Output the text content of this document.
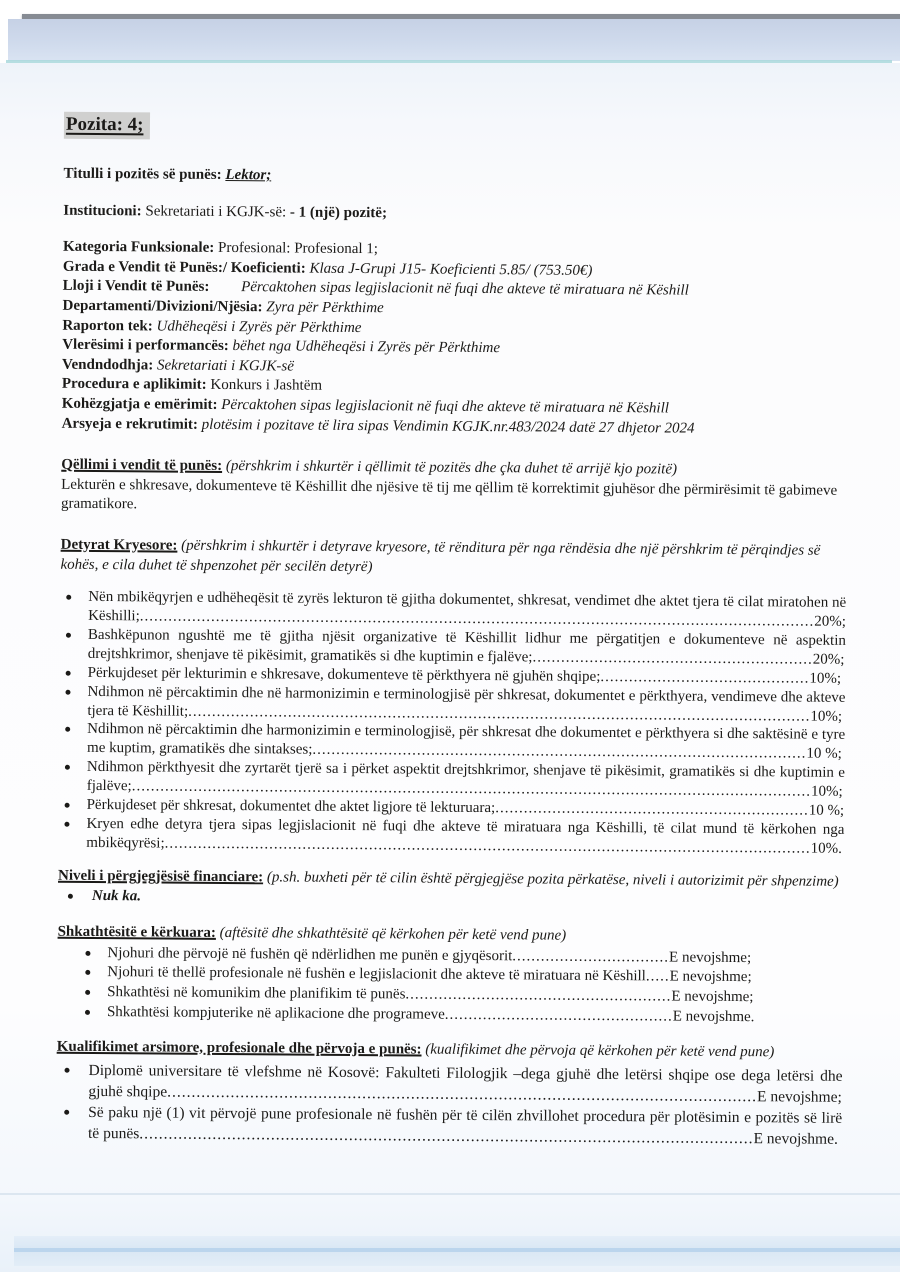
Pozita: 4;
Titulli i pozitës së punës: Lektor;
Institucioni: Sekretariati i KGJK-së: - 1 (një) pozitë;
Kategoria Funksionale: Profesional: Profesional 1;
Grada e Vendit të Punës:/ Koeficienti: Klasa J-Grupi J15- Koeficienti 5.85/ (753.50€)
Lloji i Vendit të Punës: Përcaktohen sipas legjislacionit në fuqi dhe akteve të miratuara në Këshill
Departamenti/Divizioni/Njësia: Zyra për Përkthime
Raporton tek: Udhëheqësi i Zyrës për Përkthime
Vlerësimi i performancës: bëhet nga Udhëheqësi i Zyrës për Përkthime
Vendndodhja: Sekretariati i KGJK-së
Procedura e aplikimit: Konkurs i Jashtëm
Kohëzgjatja e emërimit: Përcaktohen sipas legjislacionit në fuqi dhe akteve të miratuara në Këshill
Arsyeja e rekrutimit: plotësim i pozitave të lira sipas Vendimin KGJK.nr.483/2024 datë 27 dhjetor 2024
Qëllimi i vendit të punës: (përshkrim i shkurtër i qëllimit të pozitës dhe çka duhet të arrijë kjo pozitë)
Lekturën e shkresave, dokumenteve të Këshillit dhe njësive të tij me qëllim të korrektimit gjuhësor dhe përmirësimit të gabimeve gramatikore.
Detyrat Kryesore: (përshkrim i shkurtër i detyrave kryesore, të rënditura për nga rëndësia dhe një përshkrim të përqindjes së kohës, e cila duhet të shpenzohet për secilën detyrë)
Nën mbikëqyrjen e udhëheqësit të zyrës lekturon të gjitha dokumentet, shkresat, vendimet dhe aktet tjera të cilat miratohen në Këshilli;..............................................................................................................................................20%;
Bashkëpunon ngushtë me të gjitha njësit organizative të Këshillit lidhur me përgatitjen e dokumenteve në aspektin drejtshkrimor, shenjave të pikësimit, gramatikës si dhe kuptimin e fjalëve;...........................................................20%;
Përkujdeset për lekturimin e shkresave, dokumenteve të përkthyera në gjuhën shqipe;............................................10%;
Ndihmon në përcaktimin dhe në harmonizimin e terminologjisë për shkresat, dokumentet e përkthyera, vendimeve dhe akteve tjera të Këshillit;...................................................................................................................................10%;
Ndihmon në përcaktimin dhe harmonizimin e terminologjisë, për shkresat dhe dokumentet e përkthyera si dhe saktësinë e tyre me kuptim, gramatikës dhe sintakses;........................................................................................................10 %;
Ndihmon përkthyesit dhe zyrtarët tjerë sa i përket aspektit drejtshkrimor, shenjave të pikësimit, gramatikës si dhe kuptimin e fjalëve;...............................................................................................................................................10%;
Përkujdeset për shkresat, dokumentet dhe aktet ligjore të lekturuara;..................................................................10 %;
Kryen edhe detyra tjera sipas legjislacionit në fuqi dhe akteve të miratuara nga Këshilli, të cilat mund të kërkohen nga mbikëqyrësi;........................................................................................................................................10%.
Niveli i përgjegjësisë financiare: (p.sh. buxheti për të cilin është përgjegjëse pozita përkatëse, niveli i autorizimit për shpenzime)
Nuk ka.
Shkathtësitë e kërkuara: (aftësitë dhe shkathtësitë që kërkohen për ketë vend pune)
Njohuri dhe përvojë në fushën që ndërlidhen me punën e gjyqësorit.................................E nevojshme;
Njohuri të thellë profesionale në fushën e legjislacionit dhe akteve të miratuara në Këshill.....E nevojshme;
Shkathtësi në komunikim dhe planifikim të punës........................................................E nevojshme;
Shkathtësi kompjuterike në aplikacione dhe programeve................................................E nevojshme.
Kualifikimet arsimore, profesionale dhe përvoja e punës: (kualifikimet dhe përvoja që kërkohen për ketë vend pune)
Diplomë universitare të vlefshme në Kosovë: Fakulteti Filologjik –dega gjuhë dhe letërsi shqipe ose dega letërsi dhe gjuhë shqipe.........................................................................................................................E nevojshme;
Së paku një (1) vit përvojë pune profesionale në fushën për të cilën zhvillohet procedura për plotësimin e pozitës së lirë të punës..............................................................................................................................E nevojshme.
